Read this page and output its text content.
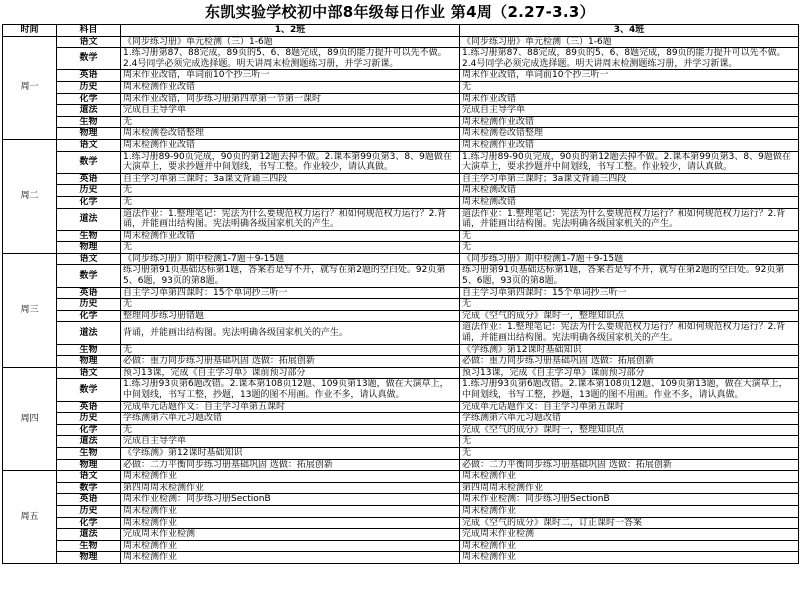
东凯实验学校初中部8年级每日作业 第4周（2.27-3.3）
时间	科目	1、2班	3、4班
周一	语文	《同步练习册》单元检测（三）1-6题	《同步练习册》单元检测（三）1-6题
	数学	1.练习册第87、88完成，89页的5、6、8题完成，89页的能力提升可以先不做。2.4号同学必须完成选择题。明天讲周末检测题练习册，并学习新课。	1.练习册第87、88完成，89页的5、6、8题完成，89页的能力提升可以先不做。2.4号同学必须完成选择题。明天讲周末检测题练习册，并学习新课。
	英语	周末作业改错，单词前10个抄三听一	周末作业改错，单词前10个抄三听一
	历史	周末检测作业改错	无
	化学	周末作业改错，同步练习册第四章第一节第一课时	周末作业改错
	道法	完成自主导学单	完成自主导学单
	生物	无	周末检测作业改错
	物理	周末检测卷改错整理	周末检测卷改错整理
周二	语文	周末检测作业改错	周末检测作业改错
	数学	1.练习册89-90页完成，90页的第12题去掉不做。2.课本第99页第3、8、9题做在大演草上，要求抄题并中间划线，书写工整。作业较少，请认真做。	1.练习册89-90页完成，90页的第12题去掉不做。2.课本第99页第3、8、9题做在大演草上，要求抄题并中间划线，书写工整。作业较少，请认真做。
	英语	自主学习单第三课时；3a课文背诵三四段	自主学习单第三课时；3a课文背诵三四段
	历史	无	周末检测改错
	化学	无	周末检测改错
	道法	道法作业：1.整理笔记：宪法为什么要规范权力运行？和如何规范权力运行？2.背诵，并能画出结构图。宪法明确各级国家机关的产生。	道法作业：1.整理笔记：宪法为什么要规范权力运行？和如何规范权力运行？2.背诵，并能画出结构图。宪法明确各级国家机关的产生。
	生物	周末检测作业改错	无
	物理	无	无
周三	语文	《同步练习册》期中检测1-7题＋9-15题	《同步练习册》期中检测1-7题＋9-15题
	数学	练习册第91页基础达标第1题，答案若是写不开，就写在第2题的空白处。92页第5、6题，93页的第8题。	练习册第91页基础达标第1题，答案若是写不开，就写在第2题的空白处。92页第5、6题，93页的第8题。
	英语	自主学习单第四课时：15个单词抄三听一	自主学习单第四课时：15个单词抄三听一
	历史	无	无
	化学	整理同步练习册错题	完成《空气的成分》课时一，整理知识点
	道法	背诵，并能画出结构图。宪法明确各级国家机关的产生。	道法作业：1.整理笔记：宪法为什么要规范权力运行？和如何规范权力运行？2.背诵，并能画出结构图。宪法明确各级国家机关的产生。
	生物	无	《学练测》第12课时基础知识
	物理	必做：重力同步练习册基础巩固 选做：拓展创新	必做：重力同步练习册基础巩固 选做：拓展创新
周四	语文	预习13课，完成《自主学习单》课前预习部分	预习13课，完成《自主学习单》课前预习部分
	数学	1.练习册93页第6题改错。2.课本第108页12题、109页第13题，做在大演草上，中间划线，书写工整，抄题，13题的图不用画。作业不多，请认真做。	1.练习册93页第6题改错。2.课本第108页12题、109页第13题，做在大演草上，中间划线，书写工整，抄题，13题的图不用画。作业不多，请认真做。
	英语	完成单元话题作文：自主学习单第五课时	完成单元话题作文：自主学习单第五课时
	历史	学练测第六单元习题改错	学练测第六单元习题改错
	化学	无	完成《空气的成分》课时一，整理知识点
	道法	完成自主导学单	无
	生物	《学练测》第12课时基础知识	无
	物理	必做：二力平衡同步练习册基础巩固 选做：拓展创新	必做：二力平衡同步练习册基础巩固 选做：拓展创新
周五	语文	周末检测作业	周末检测作业
	数学	第四周周末检测作业	第四周周末检测作业
	英语	周末作业检测：同步练习册SectionB	周末作业检测：同步练习册SectionB
	历史	周末检测作业	周末检测作业
	化学	周末检测作业	完成《空气的成分》课时二，订正课时一答案
	道法	完成周末作业检测	完成周末作业检测
	生物	周末检测作业	周末检测作业
	物理	周末检测作业	周末检测作业
